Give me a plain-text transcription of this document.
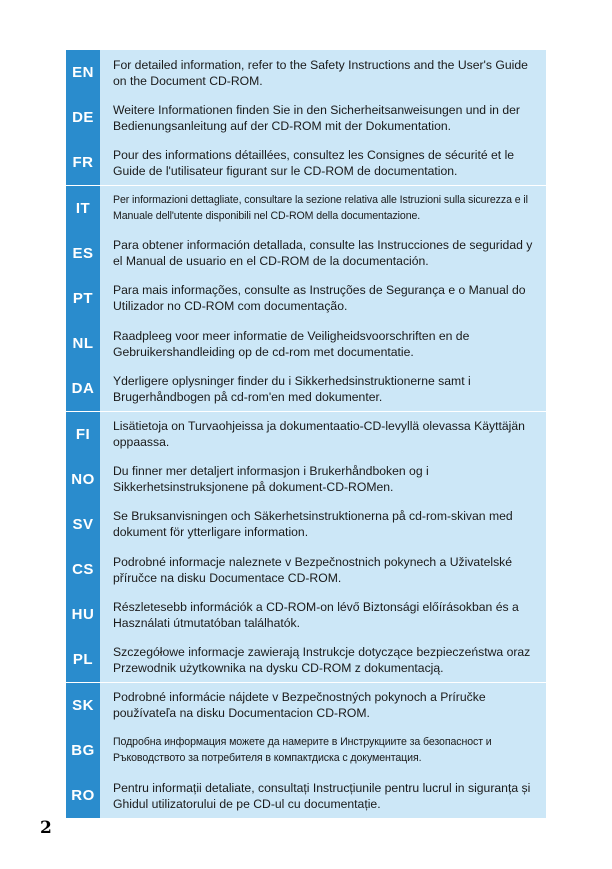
EN	For detailed information, refer to the Safety Instructions and the User's Guide on the Document CD-ROM.
DE	Weitere Informationen finden Sie in den Sicherheitsanweisungen und in der Bedienungsanleitung auf der CD-ROM mit der Dokumentation.
FR	Pour des informations détaillées, consultez les Consignes de sécurité et le Guide de l'utilisateur figurant sur le CD-ROM de documentation.
IT	Per informazioni dettagliate, consultare la sezione relativa alle Istruzioni sulla sicurezza e il Manuale dell'utente disponibili nel CD-ROM della documentazione.
ES	Para obtener información detallada, consulte las Instrucciones de seguridad y el Manual de usuario en el CD-ROM de la documentación.
PT	Para mais informações, consulte as Instruções de Segurança e o Manual do Utilizador no CD-ROM com documentação.
NL	Raadpleeg voor meer informatie de Veiligheidsvoorschriften en de Gebruikershandleiding op de cd-rom met documentatie.
DA	Yderligere oplysninger finder du i Sikkerhedsinstruktionerne samt i Brugerhåndbogen på cd-rom'en med dokumenter.
FI	Lisätietoja on Turvaohjeissa ja dokumentaatio-CD-levyllä olevassa Käyttäjän oppaassa.
NO	Du finner mer detaljert informasjon i Brukerhåndboken og i Sikkerhetsinstruksjonene på dokument-CD-ROMen.
SV	Se Bruksanvisningen och Säkerhetsinstruktionerna på cd-rom-skivan med dokument för ytterligare information.
CS	Podrobné informacje naleznete v Bezpečnostnich pokynech a Uživatelské příručce na disku Documentace CD-ROM.
HU	Részletesebb információk a CD-ROM-on lévő Biztonsági előírásokban és a Használati útmutatóban találhatók.
PL	Szczegółowe informacje zawierają Instrukcje dotyczące bezpieczeństwa oraz Przewodnik użytkownika na dysku CD-ROM z dokumentacją.
SK	Podrobné informácie nájdete v Bezpečnostných pokynoch a Príručke používateľa na disku Documentacion CD-ROM.
BG	Подробна информация можете да намерите в Инструкциите за безопасност и Ръководството за потребителя в компактдиска с документация.
RO	Pentru informații detaliate, consultați Instrucțiunile pentru lucrul in siguranța și Ghidul utilizatorului de pe CD-ul cu documentație.
2
